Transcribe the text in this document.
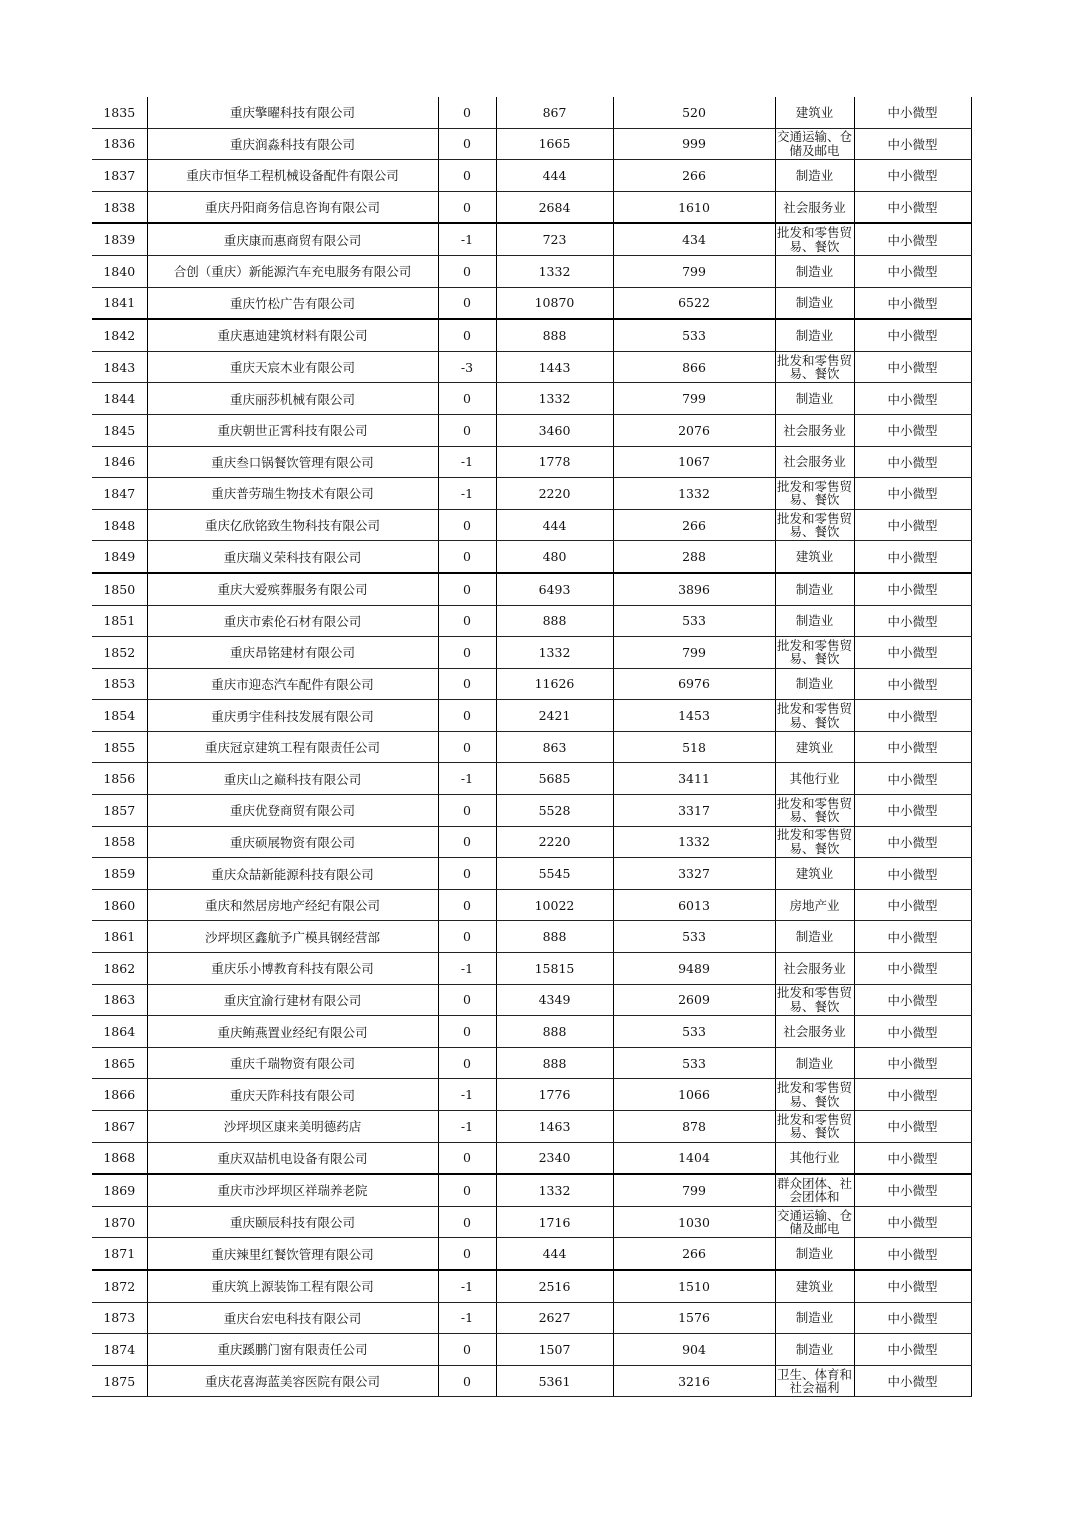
1835	重庆擎曜科技有限公司	0	867	520	建筑业	中小微型
1836	重庆润淼科技有限公司	0	1665	999	交通运输、仓储及邮电	中小微型
1837	重庆市恒华工程机械设备配件有限公司	0	444	266	制造业	中小微型
1838	重庆丹阳商务信息咨询有限公司	0	2684	1610	社会服务业	中小微型
1839	重庆康而惠商贸有限公司	-1	723	434	批发和零售贸易、餐饮	中小微型
1840	合创（重庆）新能源汽车充电服务有限公司	0	1332	799	制造业	中小微型
1841	重庆竹松广告有限公司	0	10870	6522	制造业	中小微型
1842	重庆惠迪建筑材料有限公司	0	888	533	制造业	中小微型
1843	重庆天宸木业有限公司	-3	1443	866	批发和零售贸易、餐饮	中小微型
1844	重庆丽莎机械有限公司	0	1332	799	制造业	中小微型
1845	重庆朝世正霄科技有限公司	0	3460	2076	社会服务业	中小微型
1846	重庆叁口锅餐饮管理有限公司	-1	1778	1067	社会服务业	中小微型
1847	重庆普劳瑞生物技术有限公司	-1	2220	1332	批发和零售贸易、餐饮	中小微型
1848	重庆亿欣铭致生物科技有限公司	0	444	266	批发和零售贸易、餐饮	中小微型
1849	重庆瑞义荣科技有限公司	0	480	288	建筑业	中小微型
1850	重庆大爱殡葬服务有限公司	0	6493	3896	制造业	中小微型
1851	重庆市索伦石材有限公司	0	888	533	制造业	中小微型
1852	重庆昂铭建材有限公司	0	1332	799	批发和零售贸易、餐饮	中小微型
1853	重庆市迎态汽车配件有限公司	0	11626	6976	制造业	中小微型
1854	重庆勇宇佳科技发展有限公司	0	2421	1453	批发和零售贸易、餐饮	中小微型
1855	重庆冠京建筑工程有限责任公司	0	863	518	建筑业	中小微型
1856	重庆山之巅科技有限公司	-1	5685	3411	其他行业	中小微型
1857	重庆优登商贸有限公司	0	5528	3317	批发和零售贸易、餐饮	中小微型
1858	重庆硕展物资有限公司	0	2220	1332	批发和零售贸易、餐饮	中小微型
1859	重庆众喆新能源科技有限公司	0	5545	3327	建筑业	中小微型
1860	重庆和然居房地产经纪有限公司	0	10022	6013	房地产业	中小微型
1861	沙坪坝区鑫航予广模具钢经营部	0	888	533	制造业	中小微型
1862	重庆乐小博教育科技有限公司	-1	15815	9489	社会服务业	中小微型
1863	重庆宜渝行建材有限公司	0	4349	2609	批发和零售贸易、餐饮	中小微型
1864	重庆鲔燕置业经纪有限公司	0	888	533	社会服务业	中小微型
1865	重庆千瑞物资有限公司	0	888	533	制造业	中小微型
1866	重庆天阼科技有限公司	-1	1776	1066	批发和零售贸易、餐饮	中小微型
1867	沙坪坝区康来美明德药店	-1	1463	878	批发和零售贸易、餐饮	中小微型
1868	重庆双喆机电设备有限公司	0	2340	1404	其他行业	中小微型
1869	重庆市沙坪坝区祥瑞养老院	0	1332	799	群众团体、社会团体和	中小微型
1870	重庆颐辰科技有限公司	0	1716	1030	交通运输、仓储及邮电	中小微型
1871	重庆辣里红餐饮管理有限公司	0	444	266	制造业	中小微型
1872	重庆筑上源装饰工程有限公司	-1	2516	1510	建筑业	中小微型
1873	重庆台宏电科技有限公司	-1	2627	1576	制造业	中小微型
1874	重庆蹊鹏门窗有限责任公司	0	1507	904	制造业	中小微型
1875	重庆花喜海蓝美容医院有限公司	0	5361	3216	卫生、体育和社会福利	中小微型
